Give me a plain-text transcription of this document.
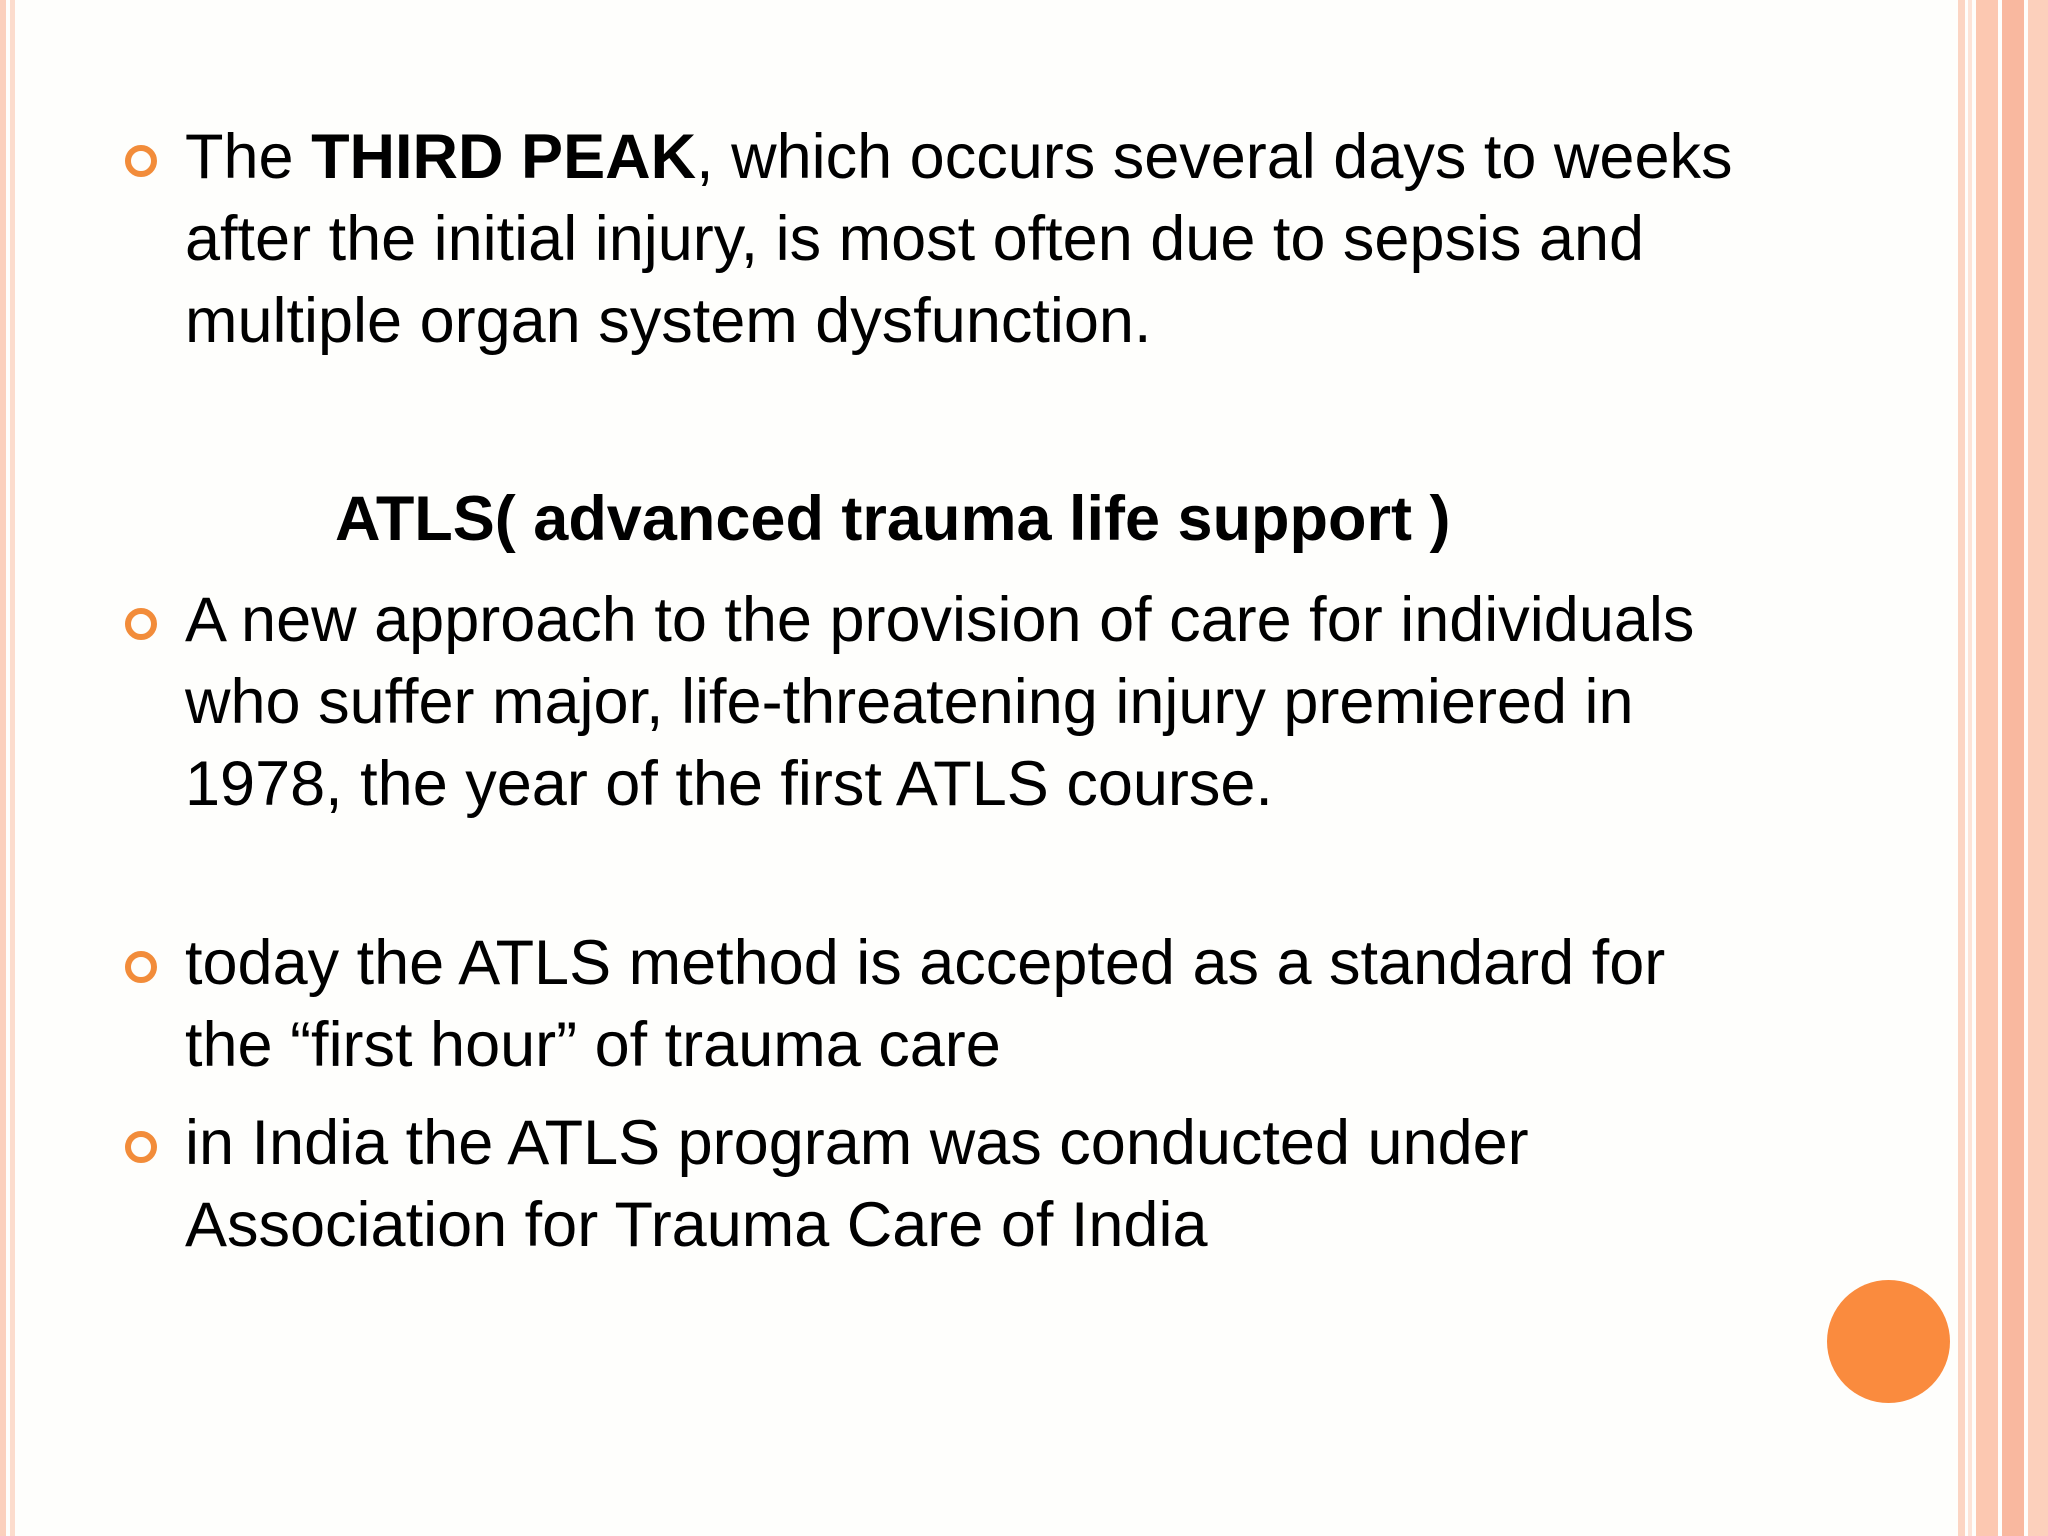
The THIRD PEAK, which occurs several days to weeks after the initial injury, is most often due to sepsis and multiple organ system dysfunction.
ATLS( advanced trauma life support )
A new approach to the provision of care for individuals who suffer major, life-threatening injury premiered in 1978, the year of the first ATLS course.
today the ATLS method is accepted as a standard for the “first hour” of trauma care
in India the ATLS program was conducted under Association for Trauma Care of India
